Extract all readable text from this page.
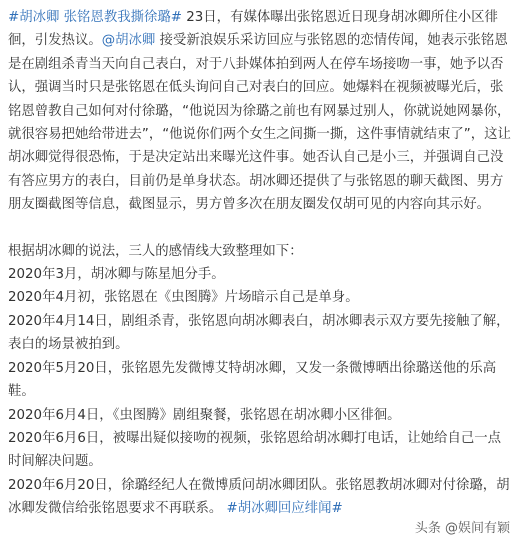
#胡冰卿 张铭恩教我撕徐璐# 23日，有媒体曝出张铭恩近日现身胡冰卿所住小区徘徊，引发热议。@胡冰卿 接受新浪娱乐采访回应与张铭恩的恋情传闻，她表示张铭恩是在剧组杀青当天向自己表白，对于八卦媒体拍到两人在停车场接吻一事，她予以否认，强调当时只是张铭恩在低头询问自己对表白的回应。她爆料在视频被曝光后，张铭恩曾教自己如何对付徐璐，“他说因为徐璐之前也有网暴过别人，你就说她网暴你，就很容易把她给带进去”，“他说你们两个女生之间撕一撕，这件事情就结束了”，这让胡冰卿觉得很恐怖，于是决定站出来曝光这件事。她否认自己是小三，并强调自己没有答应男方的表白，目前仍是单身状态。胡冰卿还提供了与张铭恩的聊天截图、男方朋友圈截图等信息，截图显示，男方曾多次在朋友圈发仅胡可见的内容向其示好。

根据胡冰卿的说法，三人的感情线大致整理如下：

2020年3月，胡冰卿与陈星旭分手。

2020年4月初，张铭恩在《虫图腾》片场暗示自己是单身。

2020年4月14日，剧组杀青，张铭恩向胡冰卿表白，胡冰卿表示双方要先接触了解，表白的场景被拍到。

2020年5月20日，张铭恩先发微博艾特胡冰卿，又发一条微博晒出徐璐送他的乐高鞋。

2020年6月4日，《虫图腾》剧组聚餐，张铭恩在胡冰卿小区徘徊。

2020年6月6日，被曝出疑似接吻的视频，张铭恩给胡冰卿打电话，让她给自己一点时间解决问题。

2020年6月20日，徐璐经纪人在微博质问胡冰卿团队。张铭恩教胡冰卿对付徐璐，胡冰卿发微信给张铭恩要求不再联系。 #胡冰卿回应绯闻#

头条 @娱间有颖
